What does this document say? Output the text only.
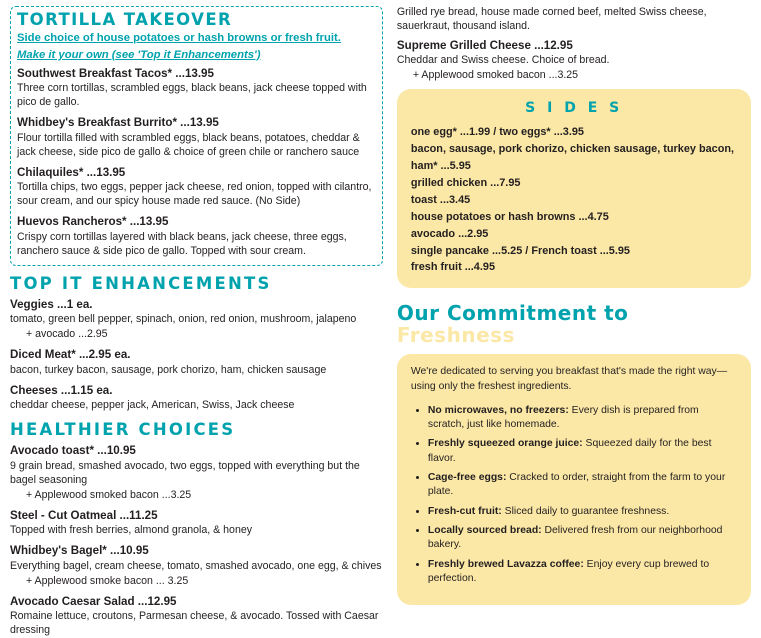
TORTILLA TAKEOVER

Side choice of house potatoes or hash browns or fresh fruit.

Make it your own (see 'Top it Enhancements')

Southwest Breakfast Tacos* ...13.95

Three corn tortillas, scrambled eggs, black beans, jack cheese topped with pico de gallo.

Whidbey's Breakfast Burrito* ...13.95

Flour tortilla filled with scrambled eggs, black beans, potatoes, cheddar & jack cheese, side pico de gallo & choice of green chile or ranchero sauce

Chilaquiles* ...13.95

Tortilla chips, two eggs, pepper jack cheese, red onion, topped with cilantro, sour cream, and our spicy house made red sauce. (No Side)

Huevos Rancheros* ...13.95

Crispy corn tortillas layered with black beans, jack cheese, three eggs, ranchero sauce & side pico de gallo. Topped with sour cream.

TOP IT ENHANCEMENTS

Veggies ...1 ea.

tomato, green bell pepper, spinach, onion, red onion, mushroom, jalapeno

+ avocado ...2.95

Diced Meat* ...2.95 ea.

bacon, turkey bacon, sausage, pork chorizo, ham, chicken sausage

Cheeses ...1.15 ea.

cheddar cheese, pepper jack, American, Swiss, Jack cheese

HEALTHIER CHOICES

Avocado toast* ...10.95

9 grain bread, smashed avocado, two eggs, topped with everything but the bagel seasoning

+ Applewood smoked bacon ...3.25

Steel - Cut Oatmeal ...11.25

Topped with fresh berries, almond granola, & honey

Whidbey's Bagel* ...10.95

Everything bagel, cream cheese, tomato, smashed avocado, one egg, & chives

+ Applewood smoke bacon ... 3.25

Avocado Caesar Salad ...12.95

Romaine lettuce, croutons, Parmesan cheese, & avocado. Tossed with Caesar dressing

Grilled rye bread, house made corned beef, melted Swiss cheese, sauerkraut, thousand island.

Supreme Grilled Cheese ...12.95

Cheddar and Swiss cheese. Choice of bread.

+ Applewood smoked bacon ...3.25

S I D E S

one egg* ...1.99 / two eggs* ...3.95

bacon, sausage, pork chorizo, chicken sausage, turkey bacon, ham* ...5.95

grilled chicken ...7.95

toast ...3.45

house potatoes or hash browns ...4.75

avocado ...2.95

single pancake ...5.25 / French toast ...5.95

fresh fruit ...4.95

Our Commitment to Freshness

We're dedicated to serving you breakfast that's made the right way—using only the freshest ingredients.

• No microwaves, no freezers: Every dish is prepared from scratch, just like homemade.
• Freshly squeezed orange juice: Squeezed daily for the best flavor.
• Cage-free eggs: Cracked to order, straight from the farm to your plate.
• Fresh-cut fruit: Sliced daily to guarantee freshness.
• Locally sourced bread: Delivered fresh from our neighborhood bakery.
• Freshly brewed Lavazza coffee: Enjoy every cup brewed to perfection.
